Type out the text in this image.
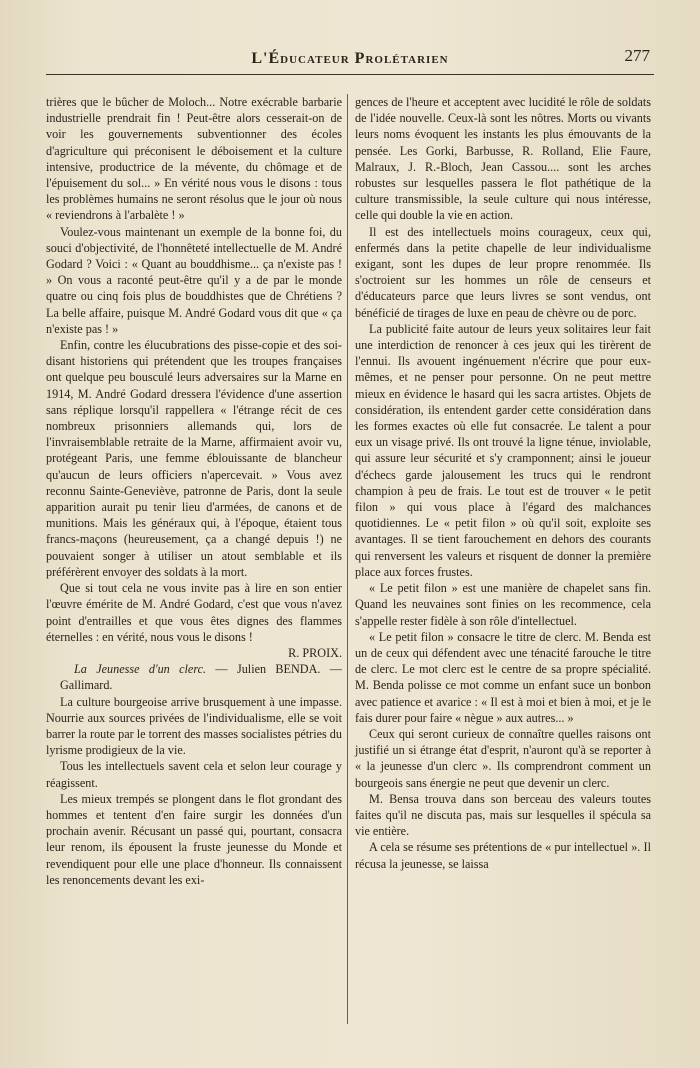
L'Éducateur Prolétarien	277

trières que le bûcher de Moloch... Notre exécrable barbarie industrielle prendrait fin ! Peut-être alors cesserait-on de voir les gouvernements subventionner des écoles d'agriculture qui préconisent le déboisement et la culture intensive, productrice de la mévente, du chômage et de l'épuisement du sol... » En vérité nous vous le disons : tous les problèmes humains ne seront résolus que le jour où nous « reviendrons à l'arbalète ! »

Voulez-vous maintenant un exemple de la bonne foi, du souci d'objectivité, de l'honnêteté intellectuelle de M. André Godard ? Voici : « Quant au bouddhisme... ça n'existe pas ! » On vous a raconté peut-être qu'il y a de par le monde quatre ou cinq fois plus de bouddhistes que de Chrétiens ? La belle affaire, puisque M. André Godard vous dit que « ça n'existe pas ! »

Enfin, contre les élucubrations des pisse-copie et des soi-disant historiens qui prétendent que les troupes françaises ont quelque peu bousculé leurs adversaires sur la Marne en 1914, M. André Godard dressera l'évidence d'une assertion sans réplique lorsqu'il rappellera « l'étrange récit de ces nombreux prisonniers allemands qui, lors de l'invraisemblable retraite de la Marne, affirmaient avoir vu, protégeant Paris, une femme éblouissante de blancheur qu'aucun de leurs officiers n'apercevait. » Vous avez reconnu Sainte-Geneviève, patronne de Paris, dont la seule apparition aurait pu tenir lieu d'armées, de canons et de munitions. Mais les généraux qui, à l'époque, étaient tous francs-maçons (heureusement, ça a changé depuis !) ne pouvaient songer à utiliser un atout semblable et ils préférèrent envoyer des soldats à la mort.

Que si tout cela ne vous invite pas à lire en son entier l'œuvre émérite de M. André Godard, c'est que vous n'avez point d'entrailles et que vous êtes dignes des flammes éternelles : en vérité, nous vous le disons !

R. PROIX.

La Jeunesse d'un clerc. — Julien BENDA. — Gallimard.

La culture bourgeoise arrive brusquement à une impasse. Nourrie aux sources privées de l'individualisme, elle se voit barrer la route par le torrent des masses socialistes pétries du lyrisme prodigieux de la vie.

Tous les intellectuels savent cela et selon leur courage y réagissent.

Les mieux trempés se plongent dans le flot grondant des hommes et tentent d'en faire surgir les données d'un prochain avenir. Récusant un passé qui, pourtant, consacra leur renom, ils épousent la fruste jeunesse du Monde et revendiquent pour elle une place d'honneur. Ils connaissent les renoncements devant les exi-

gences de l'heure et acceptent avec lucidité le rôle de soldats de l'idée nouvelle. Ceux-là sont les nôtres. Morts ou vivants leurs noms évoquent les instants les plus émouvants de la pensée. Les Gorki, Barbusse, R. Rolland, Elie Faure, Malraux, J. R.-Bloch, Jean Cassou.... sont les arches robustes sur lesquelles passera le flot pathétique de la culture transmissible, la seule culture qui nous intéresse, celle qui double la vie en action.

Il est des intellectuels moins courageux, ceux qui, enfermés dans la petite chapelle de leur individualisme exigant, sont les dupes de leur propre renommée. Ils s'octroient sur les hommes un rôle de censeurs et d'éducateurs parce que leurs livres se sont vendus, ont bénéficié de tirages de luxe en peau de chèvre ou de porc.

La publicité faite autour de leurs yeux solitaires leur fait une interdiction de renoncer à ces jeux qui les tirèrent de l'ennui. Ils avouent ingénuement n'écrire que pour eux-mêmes, et ne penser pour personne. On ne peut mettre mieux en évidence le hasard qui les sacra artistes. Objets de considération, ils entendent garder cette considération dans les formes exactes où elle fut consacrée. Le talent a pour eux un visage privé. Ils ont trouvé la ligne ténue, inviolable, qui assure leur sécurité et s'y cramponnent; ainsi le joueur d'échecs garde jalousement les trucs qui le rendront champion à peu de frais. Le tout est de trouver « le petit filon » qui vous place à l'égard des malchances quotidiennes. Le « petit filon » où qu'il soit, exploite ses avantages. Il se tient farouchement en dehors des courants qui renversent les valeurs et risquent de donner la première place aux forces frustes.

« Le petit filon » est une manière de chapelet sans fin. Quand les neuvaines sont finies on les recommence, cela s'appelle rester fidèle à son rôle d'intellectuel.

« Le petit filon » consacre le titre de clerc. M. Benda est un de ceux qui défendent avec une ténacité farouche le titre de clerc. Le mot clerc est le centre de sa propre spécialité. M. Benda polisse ce mot comme un enfant suce un bonbon avec patience et avarice : « Il est à moi et bien à moi, et je le fais durer pour faire « nègue » aux autres... »

Ceux qui seront curieux de connaître quelles raisons ont justifié un si étrange état d'esprit, n'auront qu'à se reporter à « la jeunesse d'un clerc ». Ils comprendront comment un bourgeois sans énergie ne peut que devenir un clerc.

M. Bensa trouva dans son berceau des valeurs toutes faites qu'il ne discuta pas, mais sur lesquelles il spécula sa vie entière.

A cela se résume ses prétentions de « pur intellectuel ». Il récusa la jeunesse, se laissa
